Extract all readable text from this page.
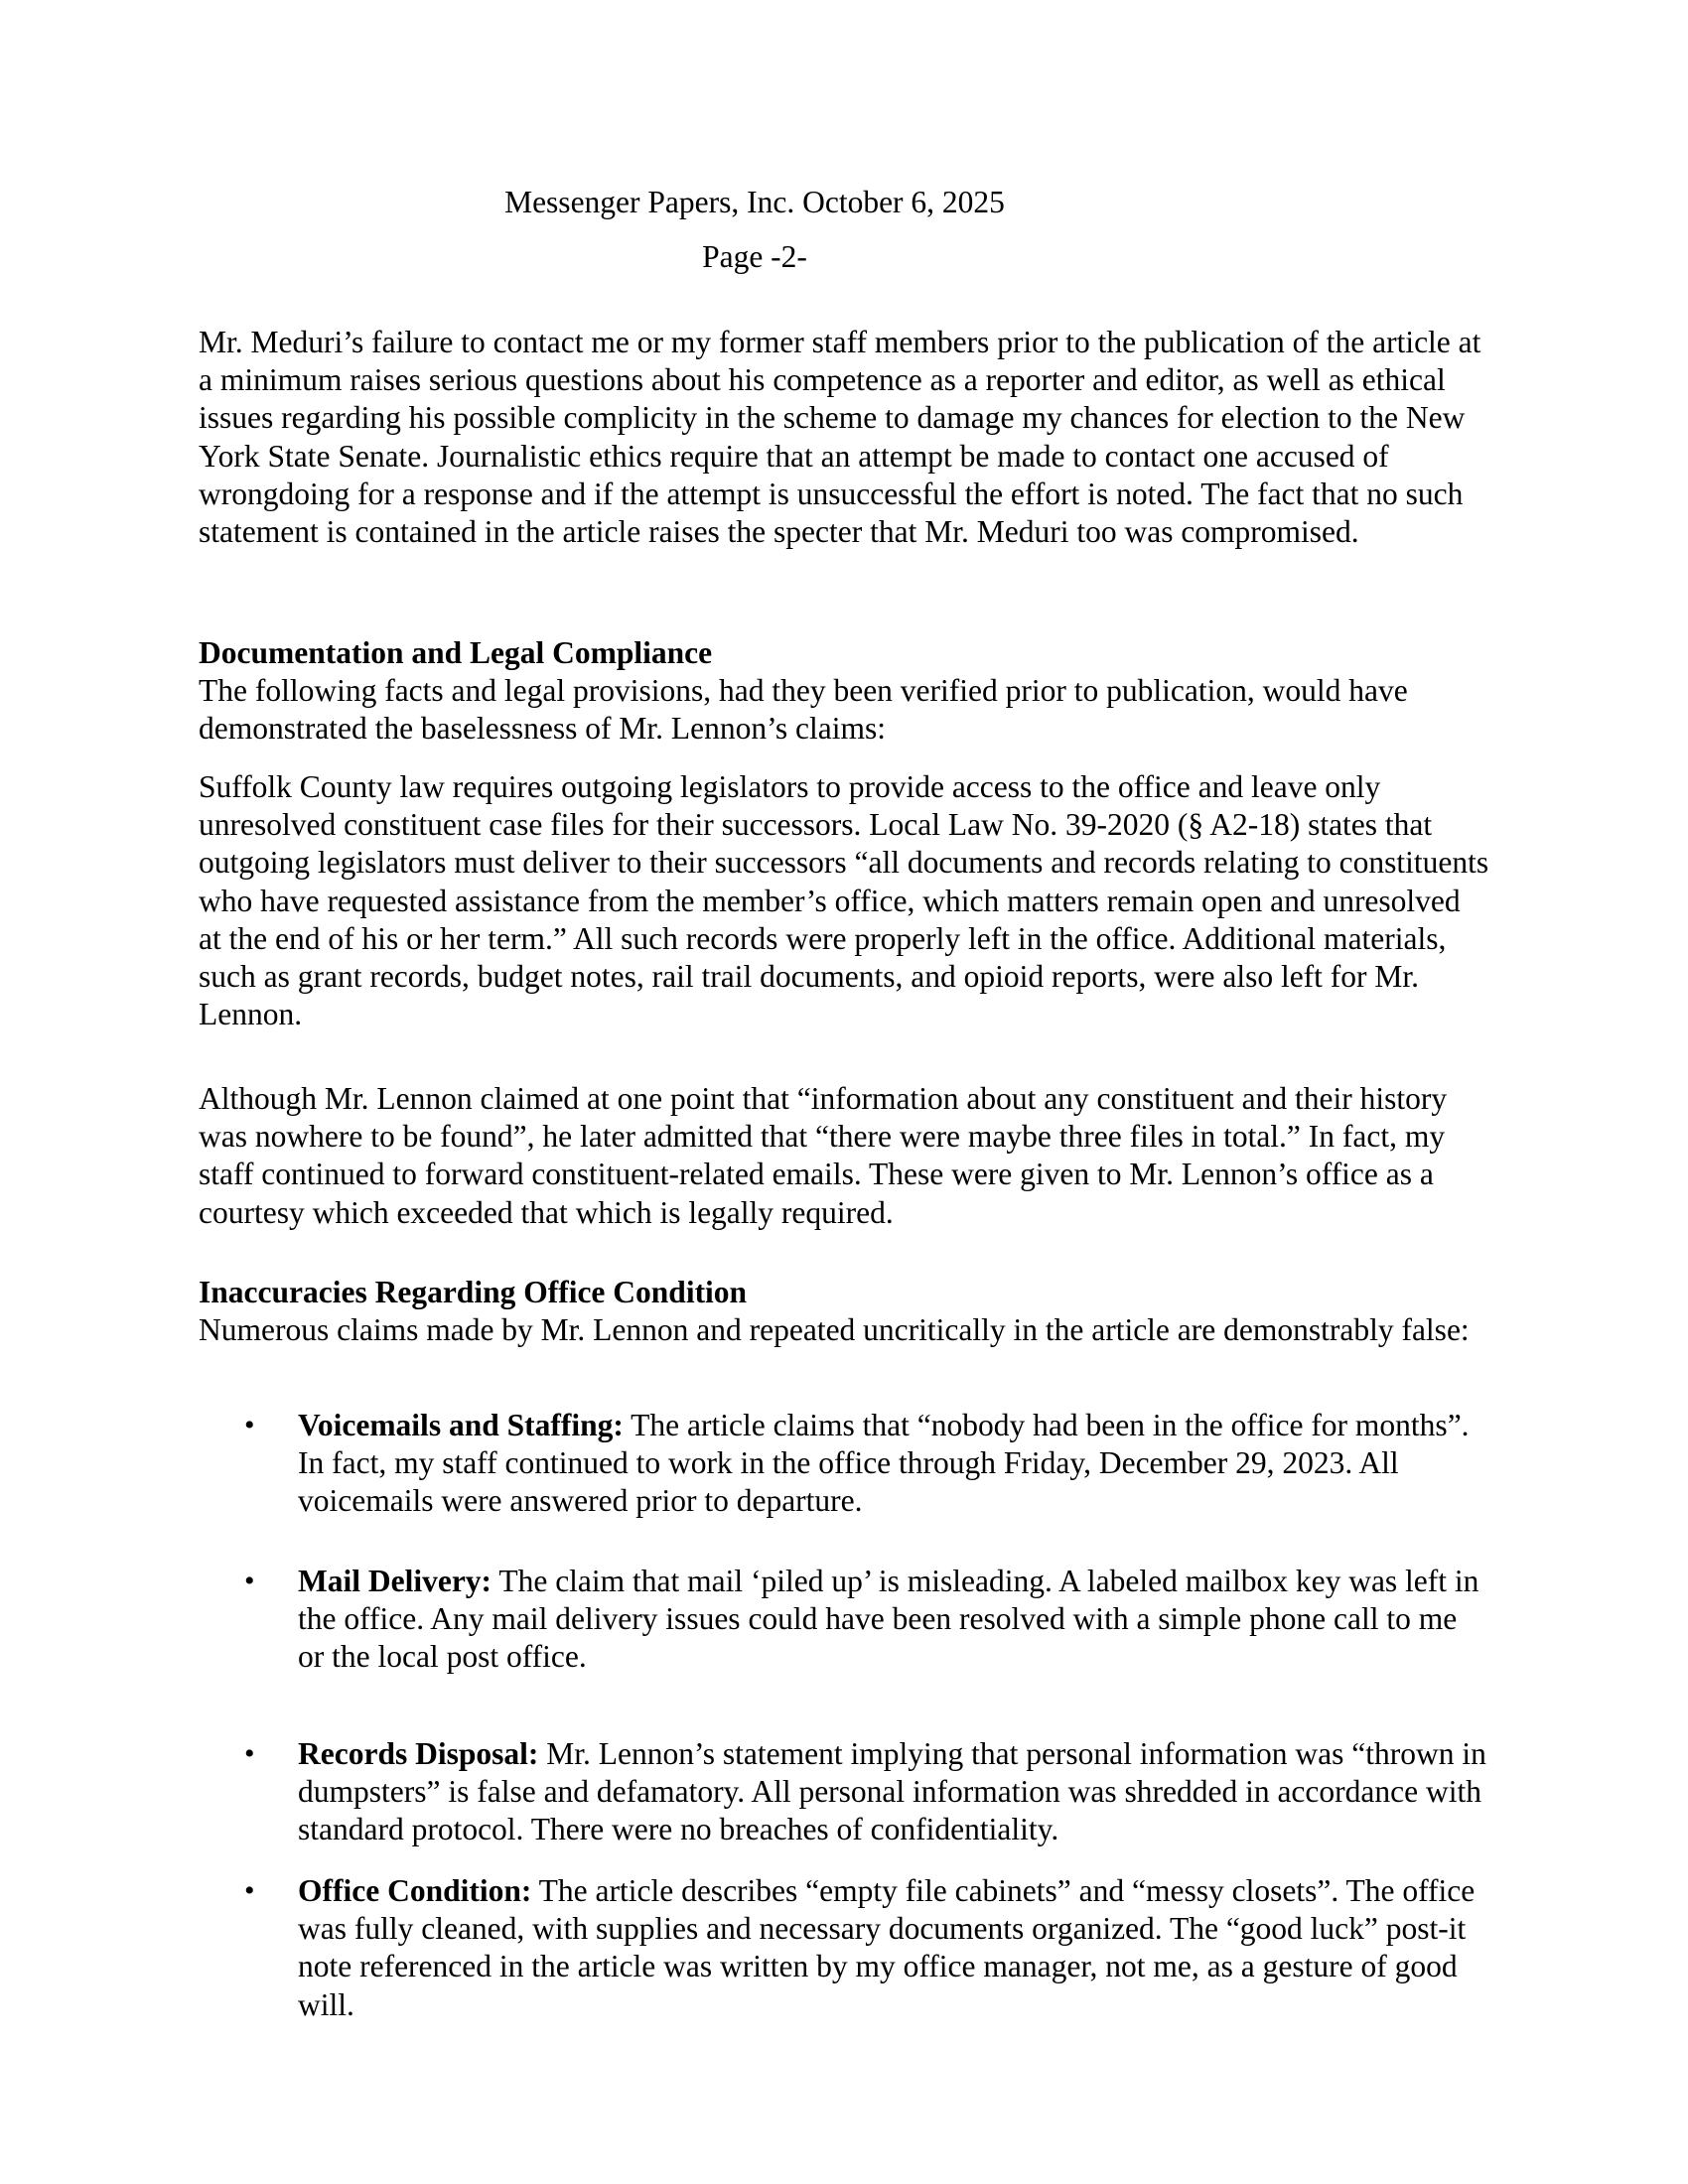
Messenger Papers, Inc. October 6, 2025
Page -2-

Mr. Meduri’s failure to contact me or my former staff members prior to the publication of the article at a minimum raises serious questions about his competence as a reporter and editor, as well as ethical issues regarding his possible complicity in the scheme to damage my chances for election to the New York State Senate. Journalistic ethics require that an attempt be made to contact one accused of wrongdoing for a response and if the attempt is unsuccessful the effort is noted. The fact that no such statement is contained in the article raises the specter that Mr. Meduri too was compromised.

Documentation and Legal Compliance

The following facts and legal provisions, had they been verified prior to publication, would have demonstrated the baselessness of Mr. Lennon’s claims:

Suffolk County law requires outgoing legislators to provide access to the office and leave only unresolved constituent case files for their successors. Local Law No. 39-2020 (§ A2-18) states that outgoing legislators must deliver to their successors “all documents and records relating to constituents who have requested assistance from the member’s office, which matters remain open and unresolved at the end of his or her term.” All such records were properly left in the office. Additional materials, such as grant records, budget notes, rail trail documents, and opioid reports, were also left for Mr. Lennon.

Although Mr. Lennon claimed at one point that “information about any constituent and their history was nowhere to be found”, he later admitted that “there were maybe three files in total.” In fact, my staff continued to forward constituent-related emails. These were given to Mr. Lennon’s office as a courtesy which exceeded that which is legally required.

Inaccuracies Regarding Office Condition

Numerous claims made by Mr. Lennon and repeated uncritically in the article are demonstrably false:

• Voicemails and Staffing: The article claims that “nobody had been in the office for months”. In fact, my staff continued to work in the office through Friday, December 29, 2023. All voicemails were answered prior to departure.
• Mail Delivery: The claim that mail ‘piled up’ is misleading. A labeled mailbox key was left in the office. Any mail delivery issues could have been resolved with a simple phone call to me or the local post office.
• Records Disposal: Mr. Lennon’s statement implying that personal information was “thrown in dumpsters” is false and defamatory. All personal information was shredded in accordance with standard protocol. There were no breaches of confidentiality.
• Office Condition: The article describes “empty file cabinets” and “messy closets”. The office was fully cleaned, with supplies and necessary documents organized. The “good luck” post-it note referenced in the article was written by my office manager, not me, as a gesture of good will.
